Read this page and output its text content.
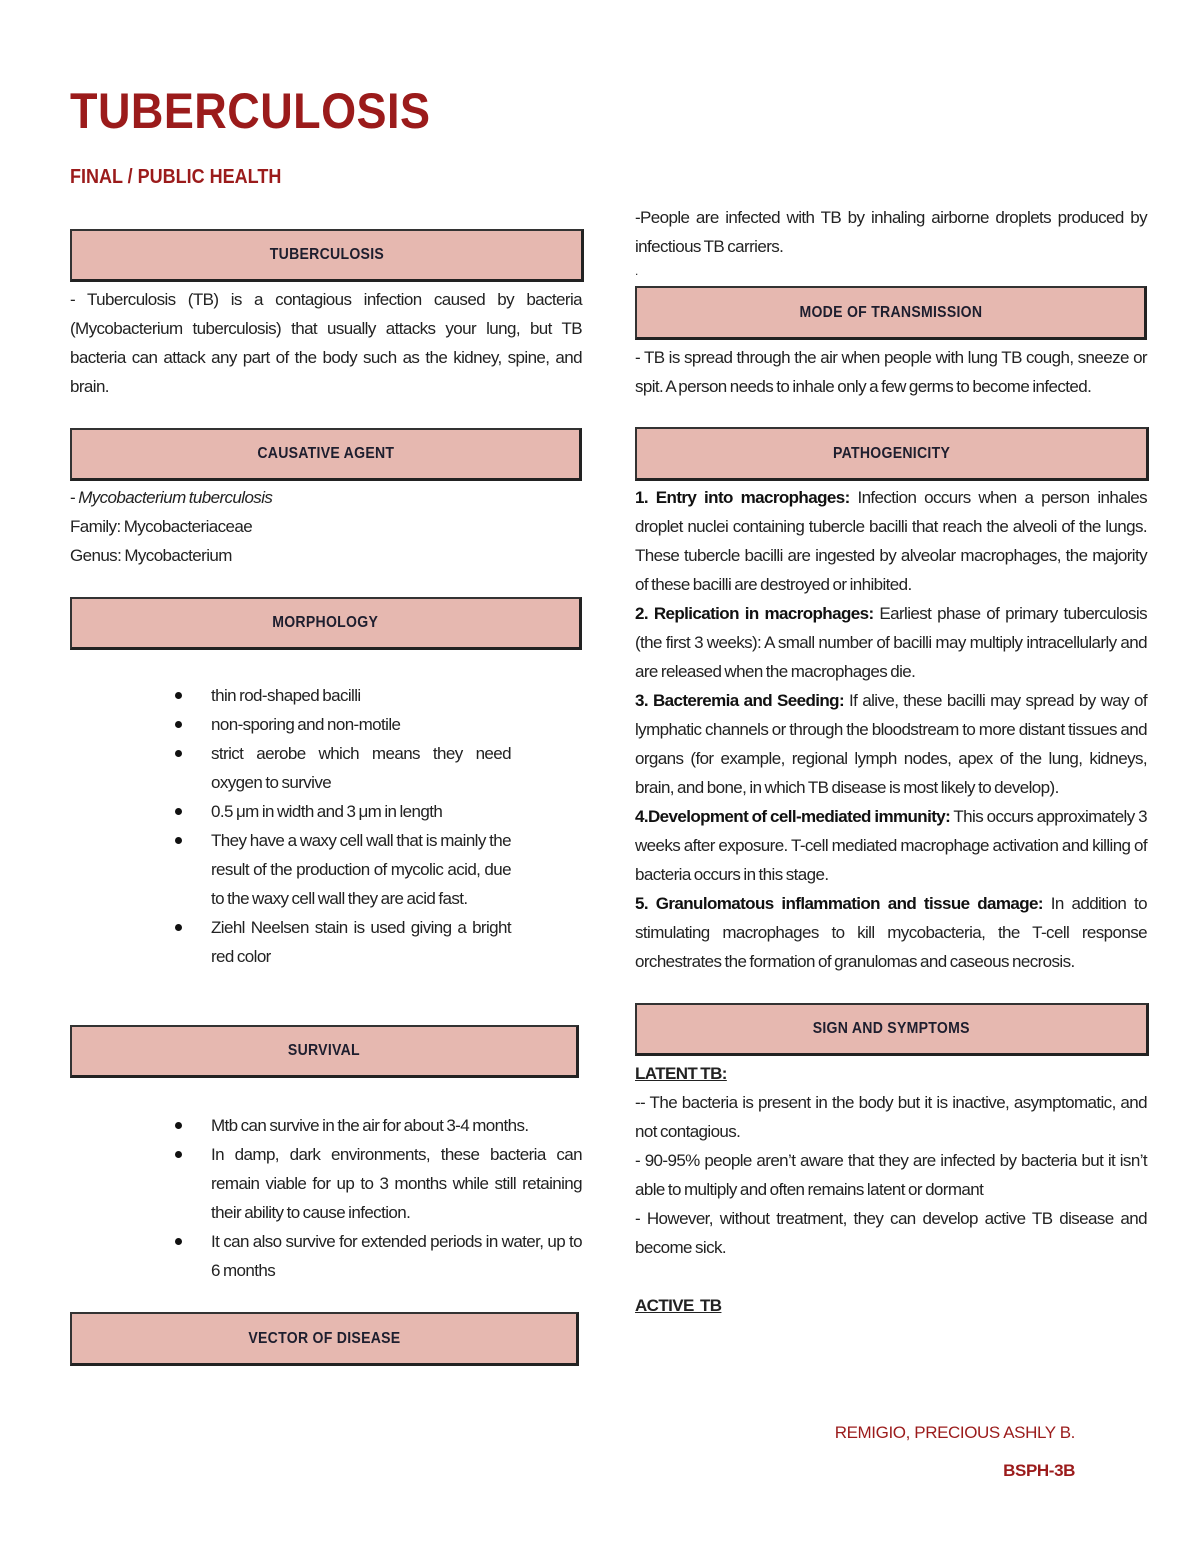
TUBERCULOSIS
FINAL / PUBLIC HEALTH
TUBERCULOSIS

- Tuberculosis (TB) is a contagious infection caused by bacteria (Mycobacterium tuberculosis) that usually attacks your lung, but TB bacteria can attack any part of the body such as the kidney, spine, and brain.

CAUSATIVE AGENT

- Mycobacterium tuberculosis

Family: Mycobacteriaceae

Genus: Mycobacterium

MORPHOLOGY
thin rod-shaped bacilli
non-sporing and non-motile
strict aerobe which means they need oxygen to survive
0.5 μm in width and 3 μm in length
They have a waxy cell wall that is mainly the result of the production of mycolic acid, due to the waxy cell wall they are acid fast.
Ziehl Neelsen stain is used giving a bright red color
SURVIVAL
Mtb can survive in the air for about 3-4 months.
In damp, dark environments, these bacteria can remain viable for up to 3 months while still retaining their ability to cause infection.
It can also survive for extended periods in water, up to 6 months
VECTOR OF DISEASE

-People are infected with TB by inhaling airborne droplets produced by infectious TB carriers.

.

MODE OF TRANSMISSION

- TB is spread through the air when people with lung TB cough, sneeze or spit. A person needs to inhale only a few germs to become infected.

PATHOGENICITY

1. Entry into macrophages: Infection occurs when a person inhales droplet nuclei containing tubercle bacilli that reach the alveoli of the lungs. These tubercle bacilli are ingested by alveolar macrophages, the majority of these bacilli are destroyed or inhibited.

2. Replication in macrophages: Earliest phase of primary tuberculosis (the first 3 weeks): A small number of bacilli may multiply intracellularly and are released when the macrophages die.

3. Bacteremia and Seeding: If alive, these bacilli may spread by way of lymphatic channels or through the bloodstream to more distant tissues and organs (for example, regional lymph nodes, apex of the lung, kidneys, brain, and bone, in which TB disease is most likely to develop).

4.Development of cell-mediated immunity: This occurs approximately 3 weeks after exposure. T-cell mediated macrophage activation and killing of bacteria occurs in this stage.

5. Granulomatous inflammation and tissue damage: In addition to stimulating macrophages to kill mycobacteria, the T-cell response orchestrates the formation of granulomas and caseous necrosis.

SIGN AND SYMPTOMS

LATENT TB:

-- The bacteria is present in the body but it is inactive, asymptomatic, and not contagious.

- 90-95% people aren’t aware that they are infected by bacteria but it isn’t able to multiply and often remains latent or dormant

- However, without treatment, they can develop active TB disease and become sick.

ACTIVE  TB

REMIGIO, PRECIOUS ASHLY B.
BSPH-3B
